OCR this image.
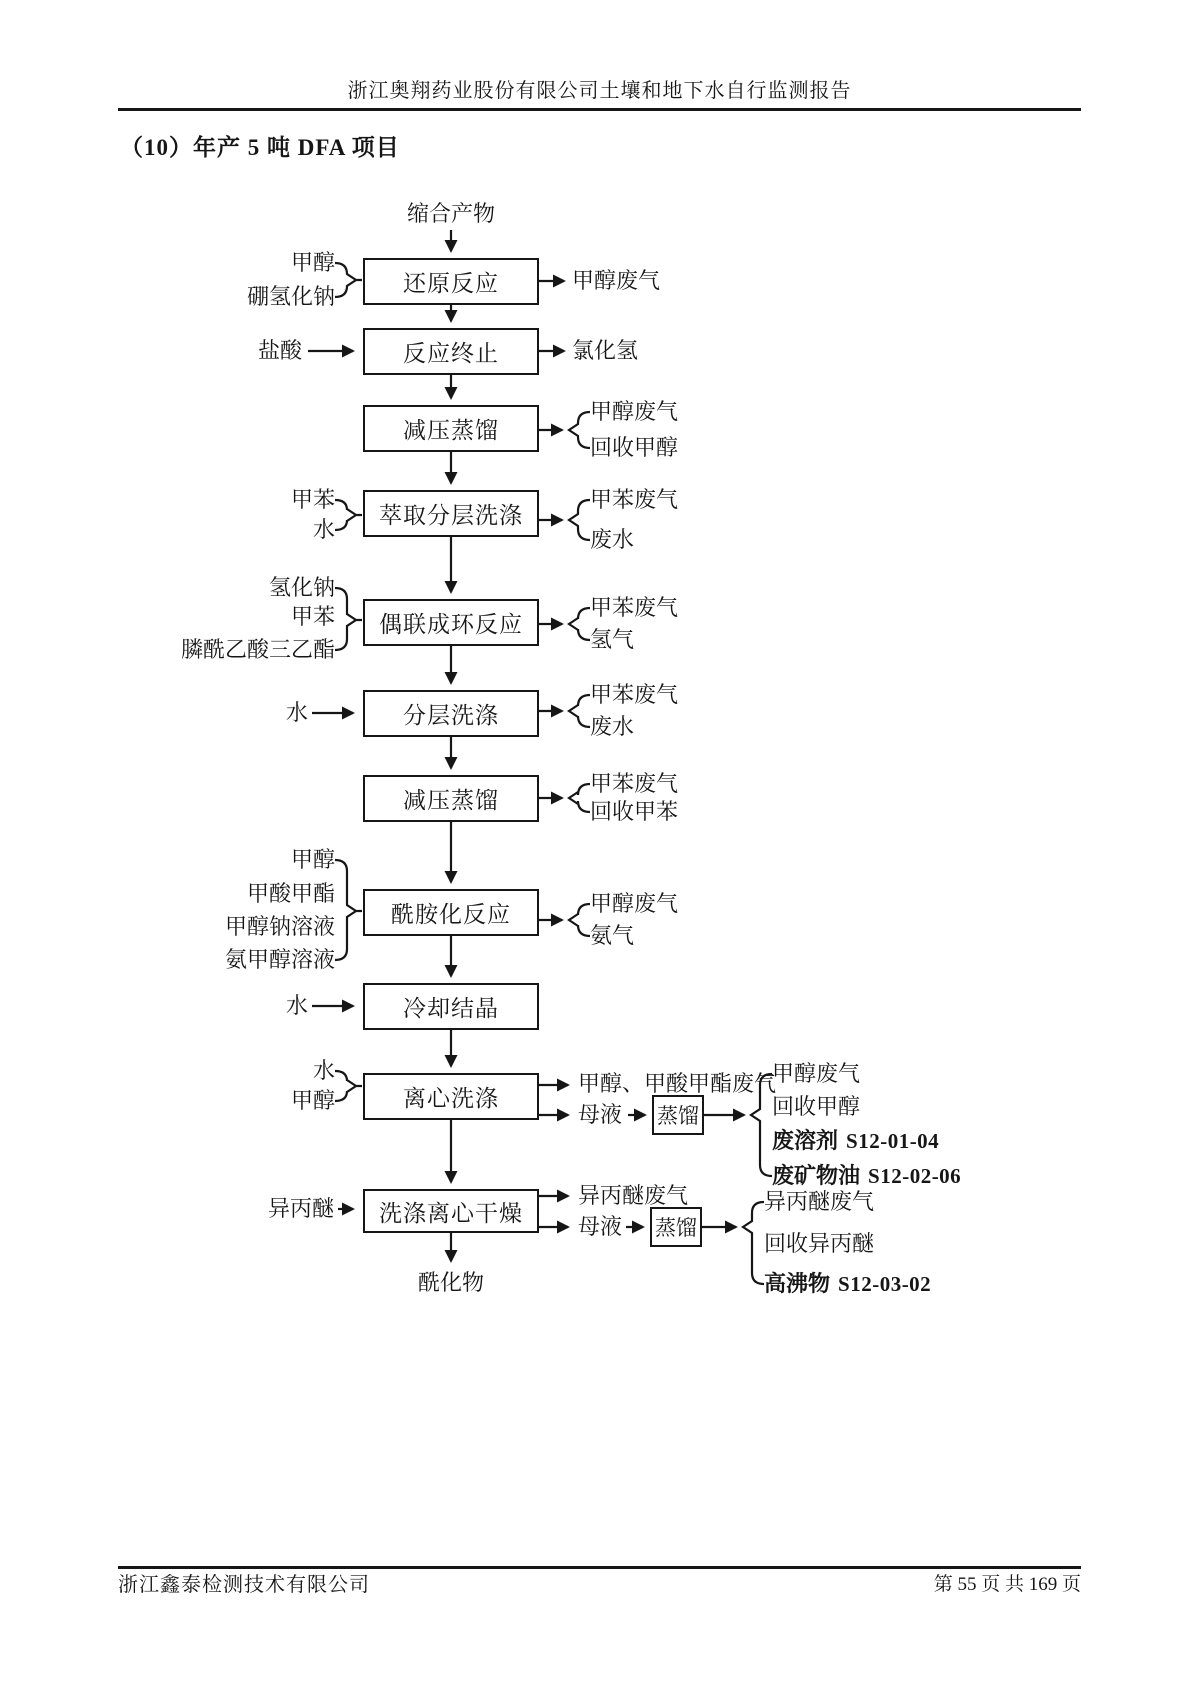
浙江奥翔药业股份有限公司土壤和地下水自行监测报告
（10）年产 5 吨 DFA 项目
缩合产物
酰化物
还原反应
反应终止
减压蒸馏
萃取分层洗涤
偶联成环反应
分层洗涤
减压蒸馏
酰胺化反应
冷却结晶
离心洗涤
洗涤离心干燥
蒸馏
蒸馏
甲醇
硼氢化钠
盐酸
甲苯
水
氢化钠
甲苯
膦酰乙酸三乙酯
水
甲醇
甲酸甲酯
甲醇钠溶液
氨甲醇溶液
水
水
甲醇
异丙醚
甲醇废气
氯化氢
甲醇废气
回收甲醇
甲苯废气
废水
甲苯废气
氢气
甲苯废气
废水
甲苯废气
回收甲苯
甲醇废气
氨气
甲醇、甲酸甲酯废气
母液
甲醇废气
回收甲醇
废溶剂 S12-01-04
废矿物油 S12-02-06
异丙醚废气
母液
异丙醚废气
回收异丙醚
高沸物 S12-03-02
浙江鑫泰检测技术有限公司	第 55 页 共 169 页
